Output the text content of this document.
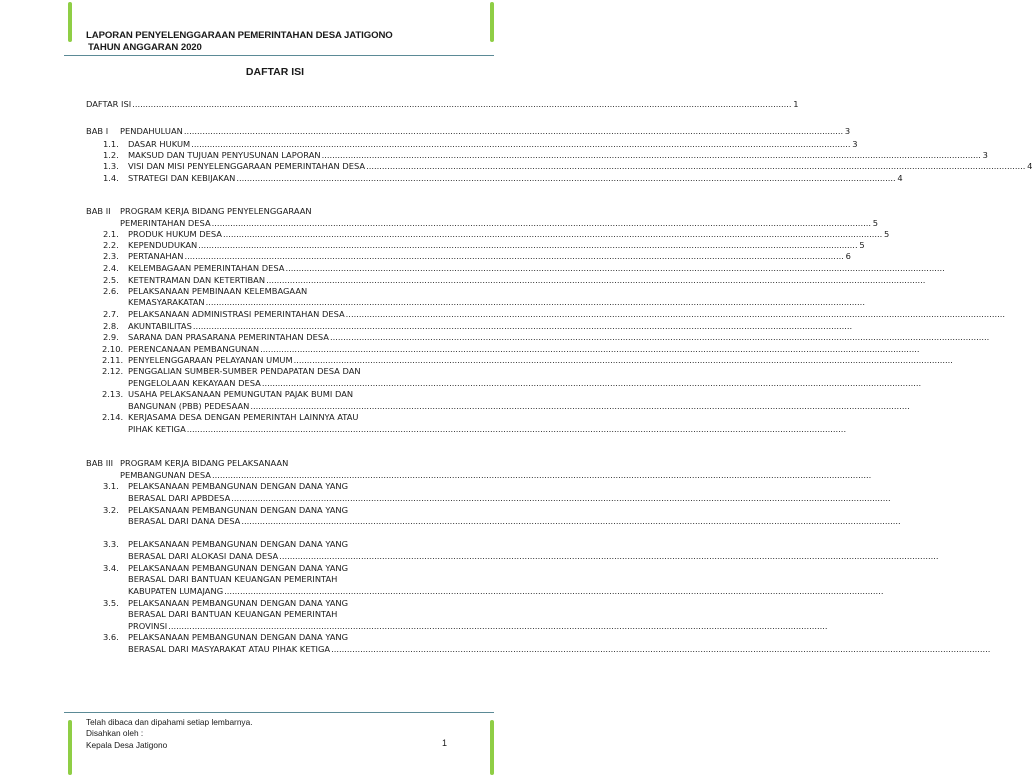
LAPORAN PENYELENGGARAAN PEMERINTAHAN DESA JATIGONO
TAHUN ANGGARAN 2020
DAFTAR ISI
DAFTAR ISI .......................................................................................................................................................................................................................................................... 1
BAB I PENDAHULUAN .......................................................................................................................................................................................................................................................... 3
1.1. DASAR HUKUM .......................................................................................................................................................................................................................................................... 3
1.2. MAKSUD DAN TUJUAN PENYUSUNAN LAPORAN .......................................................................................................................................................................................................................................................... 3
1.3. VISI DAN MISI PENYELENGGARAAN PEMERINTAHAN DESA .......................................................................................................................................................................................................................................................... 4
1.4. STRATEGI DAN KEBIJAKAN .......................................................................................................................................................................................................................................................... 4
BAB II PROGRAM KERJA BIDANG PENYELENGGARAAN
PEMERINTAHAN DESA .......................................................................................................................................................................................................................................................... 5
2.1. PRODUK HUKUM DESA .......................................................................................................................................................................................................................................................... 5
2.2. KEPENDUDUKAN .......................................................................................................................................................................................................................................................... 5
2.3. PERTANAHAN .......................................................................................................................................................................................................................................................... 6
2.4. KELEMBAGAAN PEMERINTAHAN DESA ..........................................................................................................................................................................................................................................................
2.5. KETENTRAMAN DAN KETERTIBAN ..........................................................................................................................................................................................................................................................
2.6. PELAKSANAAN PEMBINAAN KELEMBAGAAN
KEMASYARAKATAN ..........................................................................................................................................................................................................................................................
2.7. PELAKSANAAN ADMINISTRASI PEMERINTAHAN DESA ..........................................................................................................................................................................................................................................................
2.8. AKUNTABILITAS ..........................................................................................................................................................................................................................................................
2.9. SARANA DAN PRASARANA PEMERINTAHAN DESA ..........................................................................................................................................................................................................................................................
2.10. PERENCANAAN PEMBANGUNAN ..........................................................................................................................................................................................................................................................
2.11. PENYELENGGARAAN PELAYANAN UMUM ..........................................................................................................................................................................................................................................................
2.12. PENGGALIAN SUMBER-SUMBER PENDAPATAN DESA DAN
PENGELOLAAN KEKAYAAN DESA ..........................................................................................................................................................................................................................................................
2.13. USAHA PELAKSANAAN PEMUNGUTAN PAJAK BUMI DAN
BANGUNAN (PBB) PEDESAAN ..........................................................................................................................................................................................................................................................
2.14. KERJASAMA DESA DENGAN PEMERINTAH LAINNYA ATAU
PIHAK KETIGA ..........................................................................................................................................................................................................................................................
BAB III PROGRAM KERJA BIDANG PELAKSANAAN
PEMBANGUNAN DESA ..........................................................................................................................................................................................................................................................
3.1. PELAKSANAAN PEMBANGUNAN DENGAN DANA YANG
BERASAL DARI APBDESA ..........................................................................................................................................................................................................................................................
3.2. PELAKSANAAN PEMBANGUNAN DENGAN DANA YANG
BERASAL DARI DANA DESA ..........................................................................................................................................................................................................................................................
3.3. PELAKSANAAN PEMBANGUNAN DENGAN DANA YANG
BERASAL DARI ALOKASI DANA DESA ..........................................................................................................................................................................................................................................................
3.4. PELAKSANAAN PEMBANGUNAN DENGAN DANA YANG
BERASAL DARI BANTUAN KEUANGAN PEMERINTAH
KABUPATEN LUMAJANG ..........................................................................................................................................................................................................................................................
3.5. PELAKSANAAN PEMBANGUNAN DENGAN DANA YANG
BERASAL DARI BANTUAN KEUANGAN PEMERINTAH
PROVINSI ..........................................................................................................................................................................................................................................................
3.6. PELAKSANAAN PEMBANGUNAN DENGAN DANA YANG
BERASAL DARI MASYARAKAT ATAU PIHAK KETIGA ..........................................................................................................................................................................................................................................................
Telah dibaca dan dipahami setiap lembarnya.
Disahkan oleh :
Kepala Desa Jatigono	1
